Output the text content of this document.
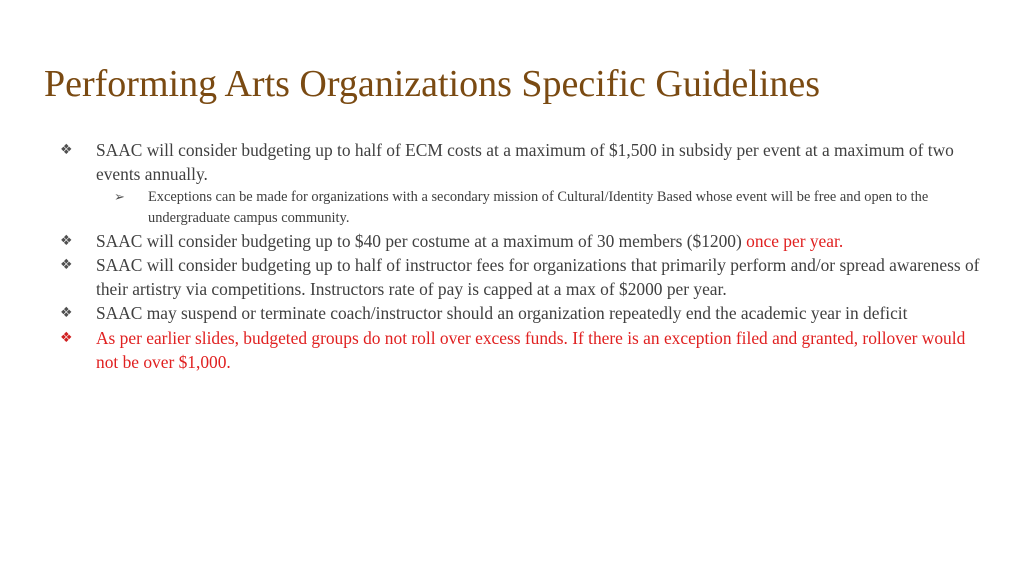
Performing Arts Organizations Specific Guidelines
❖ SAAC will consider budgeting up to half of ECM costs at a maximum of $1,500 in subsidy per event at a maximum of two events annually.
➢ Exceptions can be made for organizations with a secondary mission of Cultural/Identity Based whose event will be free and open to the undergraduate campus community.
❖ SAAC will consider budgeting up to $40 per costume at a maximum of 30 members ($1200) once per year.
❖ SAAC will consider budgeting up to half of instructor fees for organizations that primarily perform and/or spread awareness of their artistry via competitions. Instructors rate of pay is capped at a max of $2000 per year.
❖ SAAC may suspend or terminate coach/instructor should an organization repeatedly end the academic year in deficit
❖ As per earlier slides, budgeted groups do not roll over excess funds. If there is an exception filed and granted, rollover would not be over $1,000.
